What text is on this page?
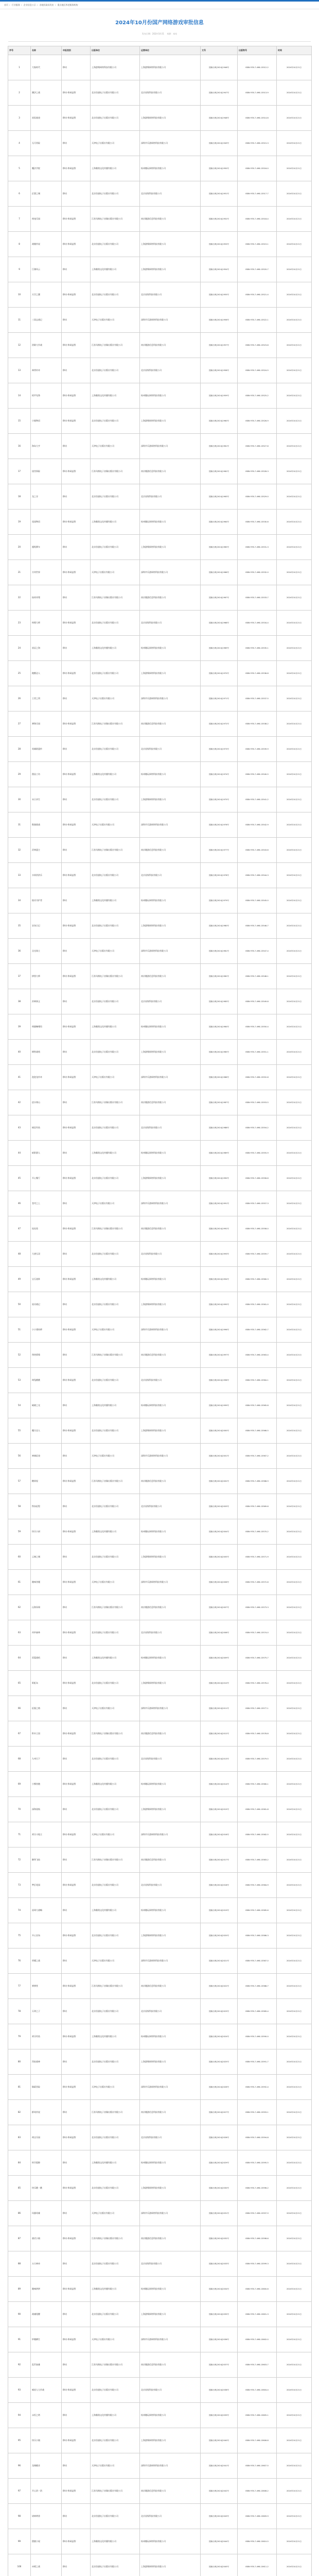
首页 › 行业服务 › 企业信息公示 › 各地民政局发布 › 重点地区养老服务机构
2024年10月份国产网络游戏审批信息
发布日期：2024-10-21 来源：本站
序号	名称	申报类别	出版单位	运营单位	文号	出版物号	时间
1	大航时代	移动	上海游聚网络科技有限公司	上海游聚网络科技有限公司	国新出审[2024]1946号	ISBN 978-7-498-13512-2	2024年10月21日
2	潮汐之战	移动-休闲益智	北京伯通电子出版社有限公司	北京星娱科技有限公司	国新出审[2024]1947号	ISBN 978-7-498-13513-9	2024年10月21日
3	星际旅途	移动-休闲益智	北京伯通电子出版社有限公司	上海游聚网络科技有限公司	国新出审[2024]1948号	ISBN 978-7-498-13514-6	2024年10月21日
4	无尽冒险	移动	天津电子出版社有限公司	深圳市乐游网络科技有限公司	国新出审[2024]1949号	ISBN 978-7-498-13515-3	2024年10月21日
5	魔法学院	移动-休闲益智	上海雅润文化传播有限公司	杭州趣玩网络科技有限公司	国新出审[2024]1950号	ISBN 978-7-498-13516-0	2024年10月21日
6	幻想之城	移动	北京伯通电子出版社有限公司	北京星娱科技有限公司	国新出审[2024]1951号	ISBN 978-7-498-13517-7	2024年10月21日
7	萌宠乐园	移动-休闲益智	江苏凤凰电子音像出版社有限公司	南京趣游信息科技有限公司	国新出审[2024]1952号	ISBN 978-7-498-13518-4	2024年10月21日
8	战舰传说	移动-休闲益智	北京伯通电子出版社有限公司	上海游聚网络科技有限公司	国新出审[2024]1953号	ISBN 978-7-498-13519-1	2024年10月21日
9	江湖风云	移动	上海雅润文化传播有限公司	上海游聚网络科技有限公司	国新出审[2024]1954号	ISBN 978-7-498-13520-7	2024年10月21日
10	天空之翼	移动-休闲益智	北京伯通电子出版社有限公司	北京星娱科技有限公司	国新出审[2024]1955号	ISBN 978-7-498-13521-4	2024年10月21日
11	三国志战记	移动	天津电子出版社有限公司	深圳市乐游网络科技有限公司	国新出审[2024]1956号	ISBN 978-7-498-13522-1	2024年10月21日
12	消除大作战	移动-休闲益智	江苏凤凰电子音像出版社有限公司	南京趣游信息科技有限公司	国新出审[2024]1957号	ISBN 978-7-498-13523-8	2024年10月21日
13	神兽传奇	移动	北京伯通电子出版社有限公司	北京星娱科技有限公司	国新出审[2024]1958号	ISBN 978-7-498-13524-5	2024年10月21日
14	机甲先锋	移动-休闲益智	上海雅润文化传播有限公司	杭州趣玩网络科技有限公司	国新出审[2024]1959号	ISBN 978-7-498-13525-2	2024年10月21日
15	小镇物语	移动-休闲益智	北京伯通电子出版社有限公司	上海游聚网络科技有限公司	国新出审[2024]1960号	ISBN 978-7-498-13526-9	2024年10月21日
16	海岛大亨	移动	天津电子出版社有限公司	深圳市乐游网络科技有限公司	国新出审[2024]1961号	ISBN 978-7-498-13527-6	2024年10月21日
17	迷宫探险	移动-休闲益智	江苏凤凰电子音像出版社有限公司	南京趣游信息科技有限公司	国新出审[2024]1962号	ISBN 978-7-498-13528-3	2024年10月21日
18	龙之谷	移动	北京伯通电子出版社有限公司	北京星娱科技有限公司	国新出审[2024]1963号	ISBN 978-7-498-13529-0	2024年10月21日
19	花园物语	移动-休闲益智	上海雅润文化传播有限公司	杭州趣玩网络科技有限公司	国新出审[2024]1964号	ISBN 978-7-498-13530-6	2024年10月21日
20	超级赛车	移动	北京伯通电子出版社有限公司	上海游聚网络科技有限公司	国新出审[2024]1965号	ISBN 978-7-498-13531-3	2024年10月21日
21	方块世界	移动-休闲益智	天津电子出版社有限公司	深圳市乐游网络科技有限公司	国新出审[2024]1966号	ISBN 978-7-498-13532-0	2024年10月21日
22	仙侠奇缘	移动	江苏凤凰电子音像出版社有限公司	南京趣游信息科技有限公司	国新出审[2024]1967号	ISBN 978-7-498-13533-7	2024年10月21日
23	料理大师	移动-休闲益智	北京伯通电子出版社有限公司	北京星娱科技有限公司	国新出审[2024]1968号	ISBN 978-7-498-13534-4	2024年10月21日
24	星辰之海	移动	上海雅润文化传播有限公司	杭州趣玩网络科技有限公司	国新出审[2024]1969号	ISBN 978-7-498-13535-1	2024年10月21日
25	跑酷达人	移动-休闲益智	北京伯通电子出版社有限公司	上海游聚网络科技有限公司	国新出审[2024]1970号	ISBN 978-7-498-13536-8	2024年10月21日
26	王者之剑	移动	天津电子出版社有限公司	深圳市乐游网络科技有限公司	国新出审[2024]1971号	ISBN 978-7-498-13537-5	2024年10月21日
27	弹珠乐园	移动-休闲益智	江苏凤凰电子音像出版社有限公司	南京趣游信息科技有限公司	国新出审[2024]1972号	ISBN 978-7-498-13538-2	2024年10月21日
28	英雄联盟传	移动	北京伯通电子出版社有限公司	北京星娱科技有限公司	国新出审[2024]1973号	ISBN 978-7-498-13539-9	2024年10月21日
29	甜品工坊	移动-休闲益智	上海雅润文化传播有限公司	杭州趣玩网络科技有限公司	国新出审[2024]1974号	ISBN 978-7-498-13540-5	2024年10月21日
30	末日求生	移动	北京伯通电子出版社有限公司	上海游聚网络科技有限公司	国新出审[2024]1975号	ISBN 978-7-498-13541-2	2024年10月21日
31	数独挑战	移动-休闲益智	天津电子出版社有限公司	深圳市乐游网络科技有限公司	国新出审[2024]1976号	ISBN 978-7-498-13542-9	2024年10月21日
32	武林盟主	移动	江苏凤凰电子音像出版社有限公司	南京趣游信息科技有限公司	国新出审[2024]1977号	ISBN 978-7-498-13543-6	2024年10月21日
33	水果消消乐	移动-休闲益智	北京伯通电子出版社有限公司	北京星娱科技有限公司	国新出审[2024]1978号	ISBN 978-7-498-13544-3	2024年10月21日
34	银河守护者	移动	上海雅润文化传播有限公司	杭州趣玩网络科技有限公司	国新出审[2024]1979号	ISBN 978-7-498-13545-0	2024年10月21日
35	农场日记	移动-休闲益智	北京伯通电子出版社有限公司	上海游聚网络科技有限公司	国新出审[2024]1980号	ISBN 978-7-498-13546-7	2024年10月21日
36	圣光骑士	移动	天津电子出版社有限公司	深圳市乐游网络科技有限公司	国新出审[2024]1981号	ISBN 978-7-498-13547-4	2024年10月21日
37	拼图大师	移动-休闲益智	江苏凤凰电子音像出版社有限公司	南京趣游信息科技有限公司	国新出审[2024]1982号	ISBN 978-7-498-13548-1	2024年10月21日
38	封神演义	移动	北京伯通电子出版社有限公司	北京星娱科技有限公司	国新出审[2024]1983号	ISBN 978-7-498-13549-8	2024年10月21日
39	萌猫咖啡馆	移动-休闲益智	上海雅润文化传播有限公司	杭州趣玩网络科技有限公司	国新出审[2024]1984号	ISBN 978-7-498-13550-4	2024年10月21日
40	钢铁战线	移动	北京伯通电子出版社有限公司	上海游聚网络科技有限公司	国新出审[2024]1985号	ISBN 978-7-498-13551-1	2024年10月21日
41	泡泡龙传奇	移动-休闲益智	天津电子出版社有限公司	深圳市乐游网络科技有限公司	国新出审[2024]1986号	ISBN 978-7-498-13552-8	2024年10月21日
42	逆水寒山	移动	江苏凤凰电子音像出版社有限公司	南京趣游信息科技有限公司	国新出审[2024]1987号	ISBN 978-7-498-13553-5	2024年10月21日
43	疯狂钓鱼	移动-休闲益智	北京伯通电子出版社有限公司	北京星娱科技有限公司	国新出审[2024]1988号	ISBN 978-7-498-13554-2	2024年10月21日
44	暗影猎人	移动	上海雅润文化传播有限公司	杭州趣玩网络科技有限公司	国新出审[2024]1989号	ISBN 978-7-498-13555-9	2024年10月21日
45	开心餐厅	移动-休闲益智	北京伯通电子出版社有限公司	上海游聚网络科技有限公司	国新出审[2024]1990号	ISBN 978-7-498-13556-6	2024年10月21日
46	苍穹之上	移动	天津电子出版社有限公司	深圳市乐游网络科技有限公司	国新出审[2024]1991号	ISBN 978-7-498-13557-3	2024年10月21日
47	连连看	移动-休闲益智	江苏凤凰电子音像出版社有限公司	南京趣游信息科技有限公司	国新出审[2024]1992号	ISBN 978-7-498-13558-0	2024年10月21日
48	大唐无双	移动	北京伯通电子出版社有限公司	北京星娱科技有限公司	国新出审[2024]1993号	ISBN 978-7-498-13559-7	2024年10月21日
49	宝石迷阵	移动-休闲益智	上海雅润文化传播有限公司	杭州趣玩网络科技有限公司	国新出审[2024]1994号	ISBN 978-7-498-13560-3	2024年10月21日
50	星河战记	移动	北京伯通电子出版社有限公司	上海游聚网络科技有限公司	国新出审[2024]1995号	ISBN 978-7-498-13561-0	2024年10月21日
51	小小建筑师	移动-休闲益智	天津电子出版社有限公司	深圳市乐游网络科技有限公司	国新出审[2024]1996号	ISBN 978-7-498-13562-7	2024年10月21日
52	剑侠情缘	移动	江苏凤凰电子音像出版社有限公司	南京趣游信息科技有限公司	国新出审[2024]1997号	ISBN 978-7-498-13563-4	2024年10月21日
53	萌兔跳跳	移动-休闲益智	北京伯通电子出版社有限公司	北京星娱科技有限公司	国新出审[2024]1998号	ISBN 978-7-498-13564-1	2024年10月21日
54	破晓之光	移动	上海雅润文化传播有限公司	杭州趣玩网络科技有限公司	国新出审[2024]1999号	ISBN 978-7-498-13565-8	2024年10月21日
55	魔方达人	移动-休闲益智	北京伯通电子出版社有限公司	上海游聚网络科技有限公司	国新出审[2024]2000号	ISBN 978-7-498-13566-5	2024年10月21日
56	神域征途	移动	天津电子出版社有限公司	深圳市乐游网络科技有限公司	国新出审[2024]2001号	ISBN 978-7-498-13567-2	2024年10月21日
57	糖果屋	移动-休闲益智	江苏凤凰电子音像出版社有限公司	南京趣游信息科技有限公司	国新出审[2024]2002号	ISBN 978-7-498-13568-9	2024年10月21日
58	铁血征程	移动	北京伯通电子出版社有限公司	北京星娱科技有限公司	国新出审[2024]2003号	ISBN 978-7-498-13569-6	2024年10月21日
59	快乐小厨	移动-休闲益智	上海雅润文化传播有限公司	杭州趣玩网络科技有限公司	国新出审[2024]2004号	ISBN 978-7-498-13570-2	2024年10月21日
60	云端之城	移动	北京伯通电子出版社有限公司	上海游聚网络科技有限公司	国新出审[2024]2005号	ISBN 978-7-498-13571-9	2024年10月21日
61	趣味答题	移动-休闲益智	天津电子出版社有限公司	深圳市乐游网络科技有限公司	国新出审[2024]2006号	ISBN 978-7-498-13572-6	2024年10月21日
62	山海异闻	移动	江苏凤凰电子音像出版社有限公司	南京趣游信息科技有限公司	国新出审[2024]2007号	ISBN 978-7-498-13573-3	2024年10月21日
63	奇妙森林	移动-休闲益智	北京伯通电子出版社有限公司	北京星娱科技有限公司	国新出审[2024]2008号	ISBN 978-7-498-13574-0	2024年10月21日
64	雷霆战机	移动	上海雅润文化传播有限公司	杭州趣玩网络科技有限公司	国新出审[2024]2009号	ISBN 978-7-498-13575-7	2024年10月21日
65	彩虹岛	移动-休闲益智	北京伯通电子出版社有限公司	上海游聚网络科技有限公司	国新出审[2024]2010号	ISBN 978-7-498-13576-4	2024年10月21日
66	征服之路	移动	天津电子出版社有限公司	深圳市乐游网络科技有限公司	国新出审[2024]2011号	ISBN 978-7-498-13577-1	2024年10月21日
67	积木王国	移动-休闲益智	江苏凤凰电子音像出版社有限公司	南京趣游信息科技有限公司	国新出审[2024]2012号	ISBN 978-7-498-13578-8	2024年10月21日
68	九州天下	移动	北京伯通电子出版社有限公司	北京星娱科技有限公司	国新出审[2024]2013号	ISBN 978-7-498-13579-5	2024年10月21日
69	小熊快跑	移动-休闲益智	上海雅润文化传播有限公司	杭州趣玩网络科技有限公司	国新出审[2024]2014号	ISBN 978-7-498-13580-1	2024年10月21日
70	深海迷航	移动	北京伯通电子出版社有限公司	上海游聚网络科技有限公司	国新出审[2024]2015号	ISBN 978-7-498-13581-8	2024年10月21日
71	欢乐斗地主	移动-休闲益智	天津电子出版社有限公司	深圳市乐游网络科技有限公司	国新出审[2024]2016号	ISBN 978-7-498-13582-5	2024年10月21日
72	御剑飞仙	移动	江苏凤凰电子音像出版社有限公司	南京趣游信息科技有限公司	国新出审[2024]2017号	ISBN 978-7-498-13583-2	2024年10月21日
73	梦幻花园	移动-休闲益智	北京伯通电子出版社有限公司	北京星娱科技有限公司	国新出审[2024]2018号	ISBN 978-7-498-13584-9	2024年10月21日
74	星球大战略	移动	上海雅润文化传播有限公司	杭州趣玩网络科技有限公司	国新出审[2024]2019号	ISBN 978-7-498-13585-6	2024年10月21日
75	开心农场	移动-休闲益智	北京伯通电子出版社有限公司	上海游聚网络科技有限公司	国新出审[2024]2020号	ISBN 978-7-498-13586-3	2024年10月21日
76	荣耀之战	移动	天津电子出版社有限公司	深圳市乐游网络科技有限公司	国新出审[2024]2021号	ISBN 978-7-498-13587-0	2024年10月21日
77	弹弹堂	移动-休闲益智	江苏凤凰电子音像出版社有限公司	南京趣游信息科技有限公司	国新出审[2024]2022号	ISBN 978-7-498-13588-7	2024年10月21日
78	天命之子	移动	北京伯通电子出版社有限公司	北京星娱科技有限公司	国新出审[2024]2023号	ISBN 978-7-498-13589-4	2024年10月21日
79	欢乐钓鱼	移动-休闲益智	上海雅润文化传播有限公司	杭州趣玩网络科技有限公司	国新出审[2024]2024号	ISBN 978-7-498-13590-0	2024年10月21日
80	烈焰战神	移动	北京伯通电子出版社有限公司	上海游聚网络科技有限公司	国新出审[2024]2025号	ISBN 978-7-498-13591-7	2024年10月21日
81	像素冒险	移动-休闲益智	天津电子出版社有限公司	深圳市乐游网络科技有限公司	国新出审[2024]2026号	ISBN 978-7-498-13592-4	2024年10月21日
82	群英传说	移动	江苏凤凰电子音像出版社有限公司	南京趣游信息科技有限公司	国新出审[2024]2027号	ISBN 978-7-498-13593-1	2024年10月21日
83	萌宝乐园	移动-休闲益智	北京伯通电子出版社有限公司	北京星娱科技有限公司	国新出审[2024]2028号	ISBN 978-7-498-13594-8	2024年10月21日
84	时空裂隙	移动	上海雅润文化传播有限公司	杭州趣玩网络科技有限公司	国新出审[2024]2029号	ISBN 978-7-498-13595-5	2024年10月21日
85	快乐跳一跳	移动-休闲益智	北京伯通电子出版社有限公司	上海游聚网络科技有限公司	国新出审[2024]2030号	ISBN 978-7-498-13596-2	2024年10月21日
86	风暴英雄	移动	天津电子出版社有限公司	深圳市乐游网络科技有限公司	国新出审[2024]2031号	ISBN 978-7-498-13597-9	2024年10月21日
87	童话小镇	移动-休闲益智	江苏凤凰电子音像出版社有限公司	南京趣游信息科技有限公司	国新出审[2024]2032号	ISBN 978-7-498-13598-6	2024年10月21日
88	万古神帝	移动	北京伯通电子出版社有限公司	北京星娱科技有限公司	国新出审[2024]2033号	ISBN 978-7-498-13599-3	2024年10月21日
89	趣味拼拼	移动-休闲益智	上海雅润文化传播有限公司	杭州趣玩网络科技有限公司	国新出审[2024]2034号	ISBN 978-7-498-13600-6	2024年10月21日
90	战魂觉醒	移动	北京伯通电子出版社有限公司	上海游聚网络科技有限公司	国新出审[2024]2035号	ISBN 978-7-498-13601-3	2024年10月21日
91	妙趣横生	移动-休闲益智	天津电子出版社有限公司	深圳市乐游网络科技有限公司	国新出审[2024]2036号	ISBN 978-7-498-13602-0	2024年10月21日
92	乱世枭雄	移动	江苏凤凰电子音像出版社有限公司	南京趣游信息科技有限公司	国新出审[2024]2037号	ISBN 978-7-498-13603-7	2024年10月21日
93	喵星人大作战	移动-休闲益智	北京伯通电子出版社有限公司	北京星娱科技有限公司	国新出审[2024]2038号	ISBN 978-7-498-13604-4	2024年10月21日
94	永恒之塔	移动	上海雅润文化传播有限公司	杭州趣玩网络科技有限公司	国新出审[2024]2039号	ISBN 978-7-498-13605-1	2024年10月21日
95	快乐小镇	移动-休闲益智	北京伯通电子出版社有限公司	上海游聚网络科技有限公司	国新出审[2024]2040号	ISBN 978-7-498-13606-8	2024年10月21日
96	龙城霸业	移动	天津电子出版社有限公司	深圳市乐游网络科技有限公司	国新出审[2024]2041号	ISBN 978-7-498-13607-5	2024年10月21日
97	开心消一消	移动-休闲益智	江苏凤凰电子音像出版社有限公司	南京趣游信息科技有限公司	国新出审[2024]2042号	ISBN 978-7-498-13608-2	2024年10月21日
98	诸神黄昏	移动	北京伯通电子出版社有限公司	北京星娱科技有限公司	国新出审[2024]2043号	ISBN 978-7-498-13609-9	2024年10月21日
99	甜蜜小屋	移动-休闲益智	上海雅润文化传播有限公司	杭州趣玩网络科技有限公司	国新出审[2024]2044号	ISBN 978-7-498-13610-5	2024年10月21日
100	赤壁之战	移动	北京伯通电子出版社有限公司	上海游聚网络科技有限公司	国新出审[2024]2045号	ISBN 978-7-498-13611-2	2024年10月21日
